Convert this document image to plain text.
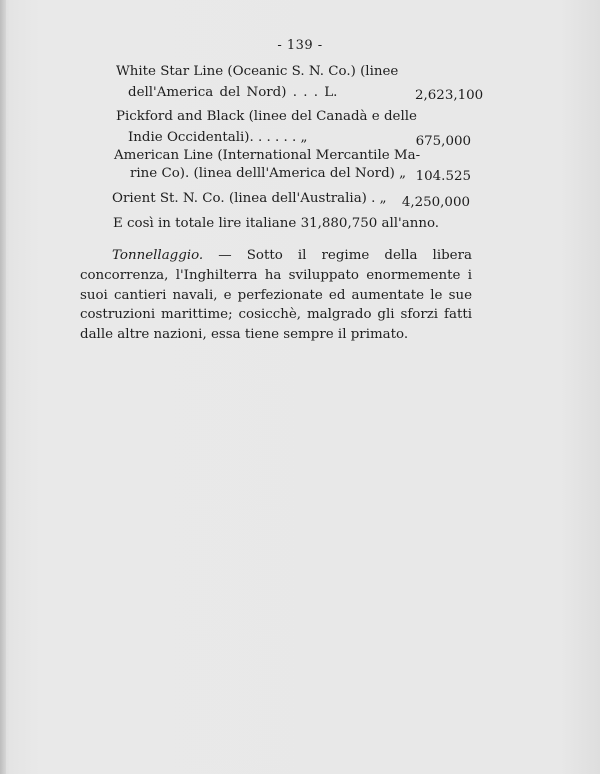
- 139 -
White Star Line (Oceanic S. N. Co.) (linee
dell'America del Nord) . . . L.	2,623,100
Pickford and Black (linee del Canadà e delle
Indie Occidentali). . . . . . „	675,000
American Line (International Mercantile Ma-
rine Co). (linea delll'America del Nord) „ 104.525
Orient St. N. Co. (linea dell'Australia) . „ 4,250,000
E così in totale lire italiane 31,880,750 all'anno.
Tonnellaggio. — Sotto il regime della libera concorrenza, l'Inghilterra ha sviluppato enormemente i suoi cantieri navali, e perfezionate ed aumentate le sue costruzioni marittime; cosicchè, malgrado gli sforzi fatti dalle altre nazioni, essa tiene sempre il primato.
